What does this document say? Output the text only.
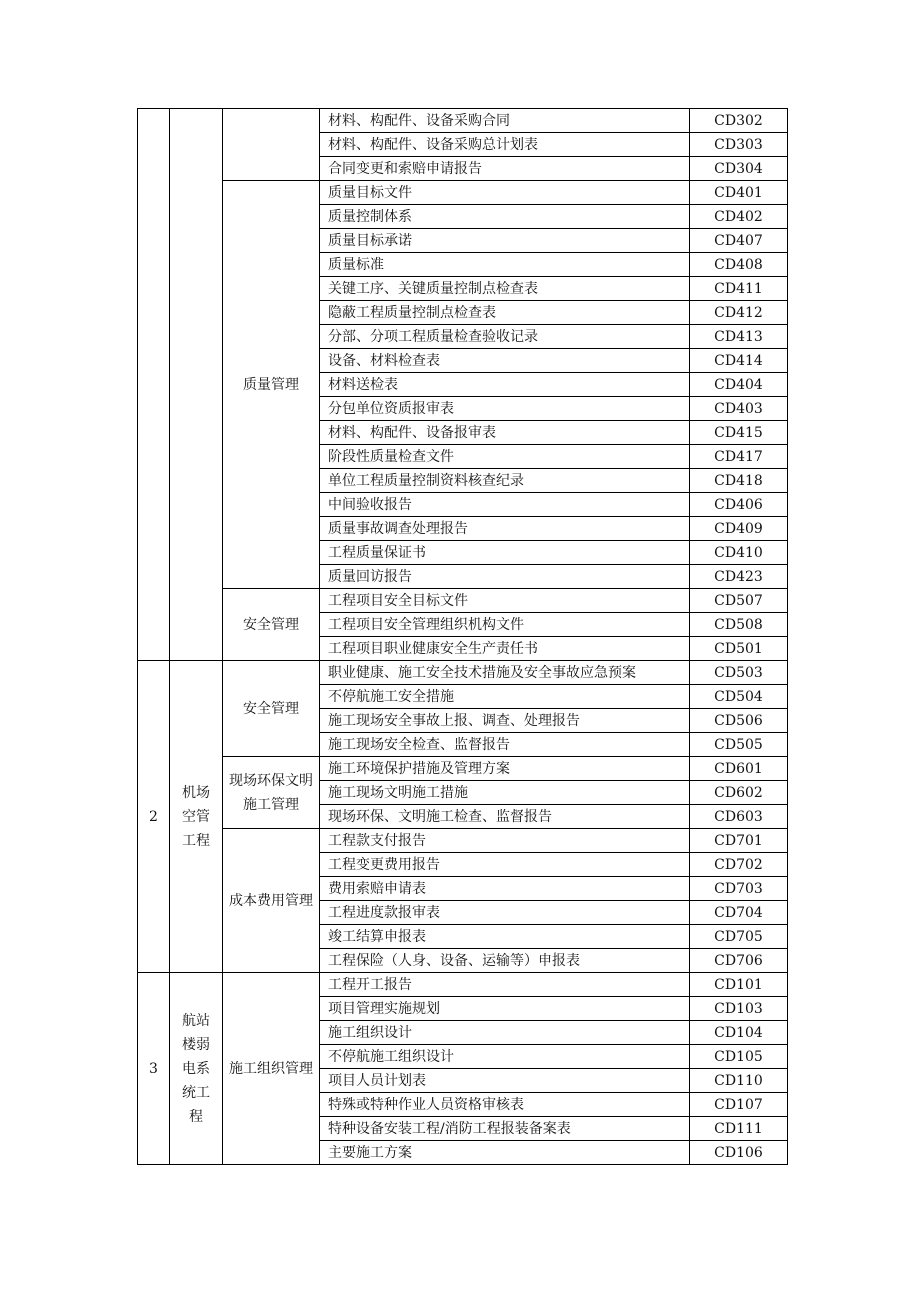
			材料、构配件、设备采购合同	CD302
			材料、构配件、设备采购总计划表	CD303
			合同变更和索赔申请报告	CD304
		质量管理	质量目标文件	CD401
			质量控制体系	CD402
			质量目标承诺	CD407
			质量标准	CD408
			关键工序、关键质量控制点检查表	CD411
			隐蔽工程质量控制点检查表	CD412
			分部、分项工程质量检查验收记录	CD413
			设备、材料检查表	CD414
			材料送检表	CD404
			分包单位资质报审表	CD403
			材料、构配件、设备报审表	CD415
			阶段性质量检查文件	CD417
			单位工程质量控制资料核查纪录	CD418
			中间验收报告	CD406
			质量事故调查处理报告	CD409
			工程质量保证书	CD410
			质量回访报告	CD423
		安全管理	工程项目安全目标文件	CD507
			工程项目安全管理组织机构文件	CD508
			工程项目职业健康安全生产责任书	CD501
2	机场空管工程	安全管理	职业健康、施工安全技术措施及安全事故应急预案	CD503
			不停航施工安全措施	CD504
			施工现场安全事故上报、调查、处理报告	CD506
			施工现场安全检查、监督报告	CD505
		现场环保文明施工管理	施工环境保护措施及管理方案	CD601
			施工现场文明施工措施	CD602
			现场环保、文明施工检查、监督报告	CD603
		成本费用管理	工程款支付报告	CD701
			工程变更费用报告	CD702
			费用索赔申请表	CD703
			工程进度款报审表	CD704
			竣工结算申报表	CD705
			工程保险（人身、设备、运输等）申报表	CD706
3	航站楼弱电系统工程	施工组织管理	工程开工报告	CD101
			项目管理实施规划	CD103
			施工组织设计	CD104
			不停航施工组织设计	CD105
			项目人员计划表	CD110
			特殊或特种作业人员资格审核表	CD107
			特种设备安装工程/消防工程报装备案表	CD111
			主要施工方案	CD106
